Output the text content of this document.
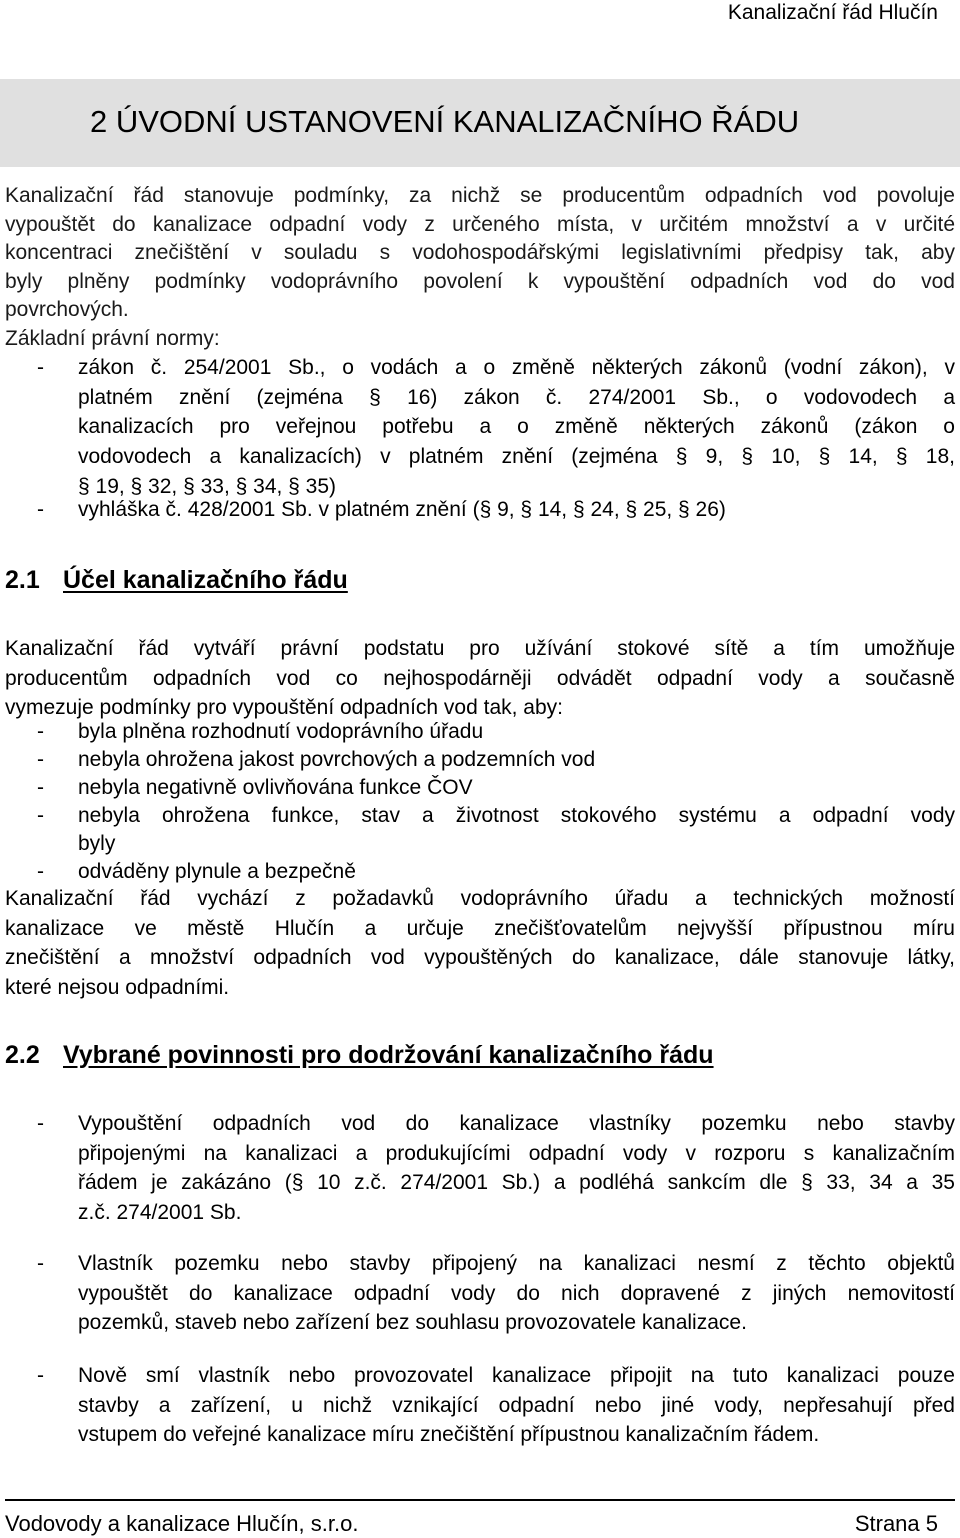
Kanalizační řád Hlučín
2 ÚVODNÍ USTANOVENÍ KANALIZAČNÍHO ŘÁDU
Kanalizační řád stanovuje podmínky, za nichž se producentům odpadních vod povoluje
vypouštět do kanalizace odpadní vody z určeného místa, v určitém množství a v určité
koncentraci znečištění v souladu s vodohospodářskými legislativními předpisy tak, aby
byly plněny podmínky vodoprávního povolení k vypouštění odpadních vod do vod
povrchových.
Základní právní normy:
- zákon č. 254/2001 Sb., o vodách a o změně některých zákonů (vodní zákon), v
platném znění (zejména § 16) zákon č. 274/2001 Sb., o vodovodech a
kanalizacích pro veřejnou potřebu a o změně některých zákonů (zákon o
vodovodech a kanalizacích) v platném znění (zejména § 9, § 10, § 14, § 18,
§ 19, § 32, § 33, § 34, § 35)
- vyhláška č. 428/2001 Sb. v platném znění (§ 9, § 14, § 24, § 25, § 26)
2.1 Účel kanalizačního řádu
Kanalizační řád vytváří právní podstatu pro užívání stokové sítě a tím umožňuje
producentům odpadních vod co nejhospodárněji odvádět odpadní vody a současně
vymezuje podmínky pro vypouštění odpadních vod tak, aby:
- byla plněna rozhodnutí vodoprávního úřadu
- nebyla ohrožena jakost povrchových a podzemních vod
- nebyla negativně ovlivňována funkce ČOV
- nebyla ohrožena funkce, stav a životnost stokového systému a odpadní vody
byly
- odváděny plynule a bezpečně
Kanalizační řád vychází z požadavků vodoprávního úřadu a technických možností
kanalizace ve městě Hlučín a určuje znečišťovatelům nejvyšší přípustnou míru
znečištění a množství odpadních vod vypouštěných do kanalizace, dále stanovuje látky,
které nejsou odpadními.
2.2 Vybrané povinnosti pro dodržování kanalizačního řádu
- Vypouštění odpadních vod do kanalizace vlastníky pozemku nebo stavby
připojenými na kanalizaci a produkujícími odpadní vody v rozporu s kanalizačním
řádem je zakázáno (§ 10 z.č. 274/2001 Sb.) a podléhá sankcím dle § 33, 34 a 35
z.č. 274/2001 Sb.
- Vlastník pozemku nebo stavby připojený na kanalizaci nesmí z těchto objektů
vypouštět do kanalizace odpadní vody do nich dopravené z jiných nemovitostí
pozemků, staveb nebo zařízení bez souhlasu provozovatele kanalizace.
- Nově smí vlastník nebo provozovatel kanalizace připojit na tuto kanalizaci pouze
stavby a zařízení, u nichž vznikající odpadní nebo jiné vody, nepřesahují před
vstupem do veřejné kanalizace míru znečištění přípustnou kanalizačním řádem.
Vodovody a kanalizace Hlučín, s.r.o.	Strana 5
